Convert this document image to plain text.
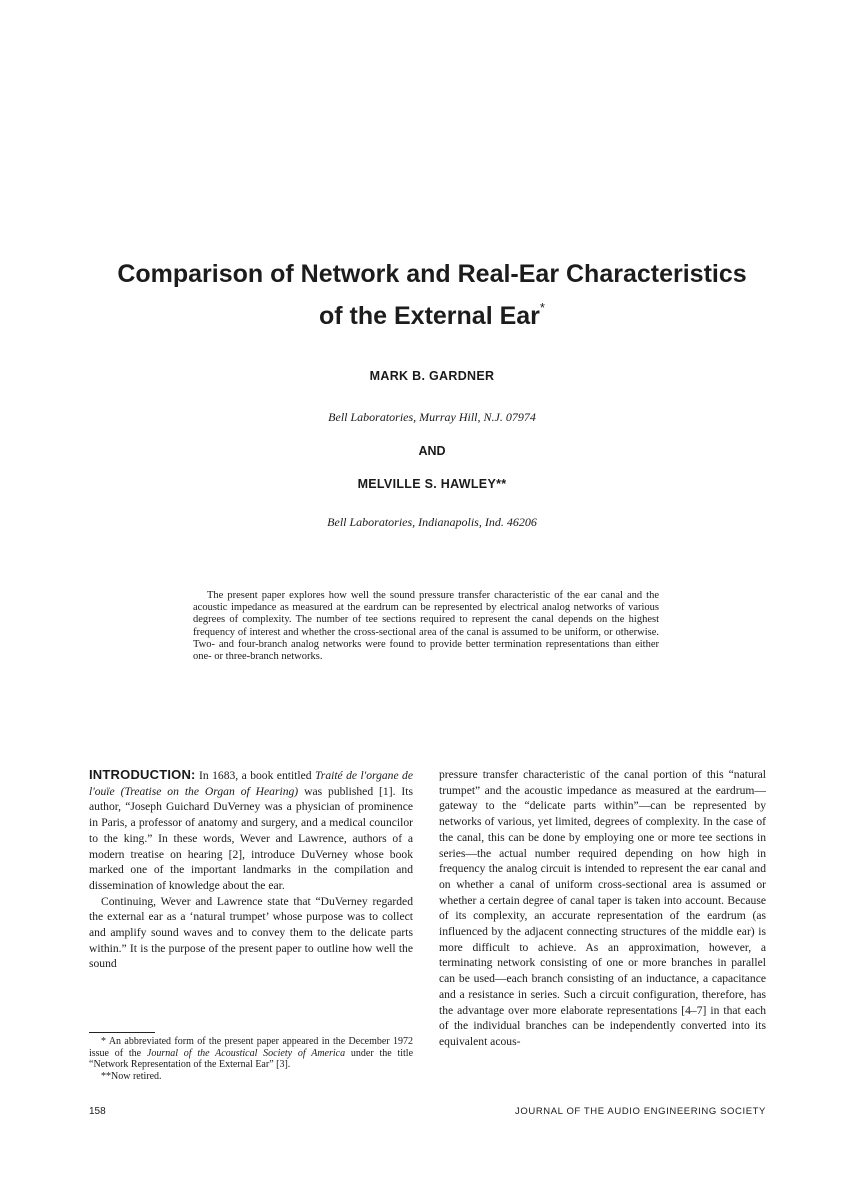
Comparison of Network and Real-Ear Characteristics
of the External Ear*
MARK B. GARDNER
Bell Laboratories, Murray Hill, N.J. 07974
AND
MELVILLE S. HAWLEY**
Bell Laboratories, Indianapolis, Ind. 46206

The present paper explores how well the sound pressure transfer characteristic of the ear canal and the acoustic impedance as measured at the eardrum can be represented by electrical analog networks of various degrees of complexity. The number of tee sections required to represent the canal depends on the highest frequency of interest and whether the cross-sectional area of the canal is assumed to be uniform, or otherwise. Two- and four-branch analog networks were found to provide better termination representations than either one- or three-branch networks.

INTRODUCTION: In 1683, a book entitled Traité de l'organe de l'ouïe (Treatise on the Organ of Hearing) was published [1]. Its author, “Joseph Guichard DuVerney was a physician of prominence in Paris, a professor of anatomy and surgery, and a medical councilor to the king.” In these words, Wever and Lawrence, authors of a modern treatise on hearing [2], introduce DuVerney whose book marked one of the important landmarks in the compilation and dissemination of knowledge about the ear.

Continuing, Wever and Lawrence state that “DuVerney regarded the external ear as a ‘natural trumpet’ whose purpose was to collect and amplify sound waves and to convey them to the delicate parts within.” It is the purpose of the present paper to outline how well the sound

pressure transfer characteristic of the canal portion of this “natural trumpet” and the acoustic impedance as measured at the eardrum—gateway to the “delicate parts within”—can be represented by networks of various, yet limited, degrees of complexity. In the case of the canal, this can be done by employing one or more tee sections in series—the actual number required depending on how high in frequency the analog circuit is intended to represent the ear canal and on whether a canal of uniform cross-sectional area is assumed or whether a certain degree of canal taper is taken into account. Because of its complexity, an accurate representation of the eardrum (as influenced by the adjacent connecting structures of the middle ear) is more difficult to achieve. As an approximation, however, a terminating network consisting of one or more branches in parallel can be used—each branch consisting of an inductance, a capacitance and a resistance in series. Such a circuit configuration, therefore, has the advantage over more elaborate representations [4–7] in that each of the individual branches can be independently converted into its equivalent acous-

* An abbreviated form of the present paper appeared in the December 1972 issue of the Journal of the Acoustical Society of America under the title “Network Representation of the External Ear” [3].

**Now retired.

158	JOURNAL OF THE AUDIO ENGINEERING SOCIETY
